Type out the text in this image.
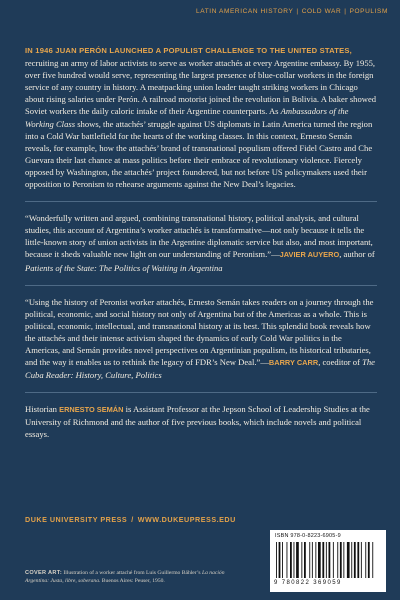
LATIN AMERICAN HISTORY | COLD WAR | POPULISM

IN 1946 JUAN PERÓN LAUNCHED A POPULIST CHALLENGE TO THE UNITED STATES, recruiting an army of labor activists to serve as worker attachés at every Argentine embassy. By 1955, over five hundred would serve, representing the largest presence of blue-collar workers in the foreign service of any country in history. A meatpacking union leader taught striking workers in Chicago about rising salaries under Perón. A railroad motorist joined the revolution in Bolivia. A baker showed Soviet workers the daily caloric intake of their Argentine counterparts. As Ambassadors of the Working Class shows, the attachés’ struggle against US diplomats in Latin America turned the region into a Cold War battlefield for the hearts of the working classes. In this context, Ernesto Semán reveals, for example, how the attachés’ brand of transnational populism offered Fidel Castro and Che Guevara their last chance at mass politics before their embrace of revolutionary violence. Fiercely opposed by Washington, the attachés’ project foundered, but not before US policymakers used their opposition to Peronism to rehearse arguments against the New Deal’s legacies.

“Wonderfully written and argued, combining transnational history, political analysis, and cultural studies, this account of Argentina’s worker attachés is transformative—not only because it tells the little-known story of union activists in the Argentine diplomatic service but also, and most important, because it sheds valuable new light on our understanding of Peronism.”—JAVIER AUYERO, author of Patients of the State: The Politics of Waiting in Argentina

“Using the history of Peronist worker attachés, Ernesto Semán takes readers on a journey through the political, economic, and social history not only of Argentina but of the Americas as a whole. This is political, economic, intellectual, and transnational history at its best. This splendid book reveals how the attachés and their intense activism shaped the dynamics of early Cold War politics in the Americas, and Semán provides novel perspectives on Argentinian populism, its historical tributaries, and the way it enables us to rethink the legacy of FDR’s New Deal.”—BARRY CARR, coeditor of The Cuba Reader: History, Culture, Politics

Historian ERNESTO SEMÁN is Assistant Professor at the Jepson School of Leadership Studies at the University of Richmond and the author of five previous books, which include novels and political essays.

DUKE UNIVERSITY PRESS / WWW.DUKEUPRESS.EDU
COVER ART: Illustration of a worker attaché from Luis Guillermo Bähler’s La nación Argentina: Justa, libre, soberana. Buenos Aires: Peuser, 1950.
ISBN 978-0-8223-6905-9
9 780822 369059
